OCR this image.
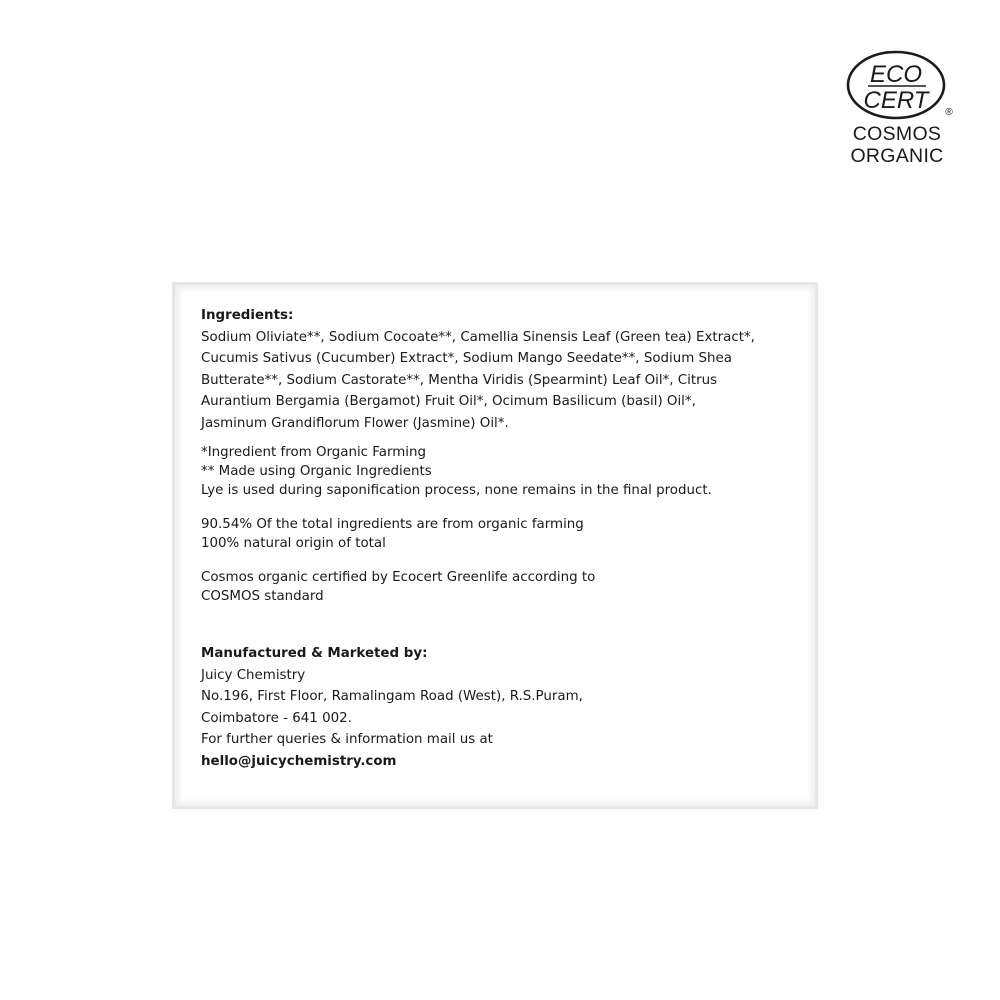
ECO
CERT ®
COSMOS
ORGANIC

Ingredients:

Sodium Oliviate**, Sodium Cocoate**, Camellia Sinensis Leaf (Green tea) Extract*,

Cucumis Sativus (Cucumber) Extract*, Sodium Mango Seedate**, Sodium Shea

Butterate**, Sodium Castorate**, Mentha Viridis (Spearmint) Leaf Oil*, Citrus

Aurantium Bergamia (Bergamot) Fruit Oil*, Ocimum Basilicum (basil) Oil*,

Jasminum Grandiflorum Flower (Jasmine) Oil*.

*Ingredient from Organic Farming

** Made using Organic Ingredients

Lye is used during saponification process, none remains in the final product.

90.54% Of the total ingredients are from organic farming

100% natural origin of total

Cosmos organic certified by Ecocert Greenlife according to

COSMOS standard

Manufactured & Marketed by:

Juicy Chemistry

No.196, First Floor, Ramalingam Road (West), R.S.Puram,

Coimbatore - 641 002.

For further queries & information mail us at

hello@juicychemistry.com
